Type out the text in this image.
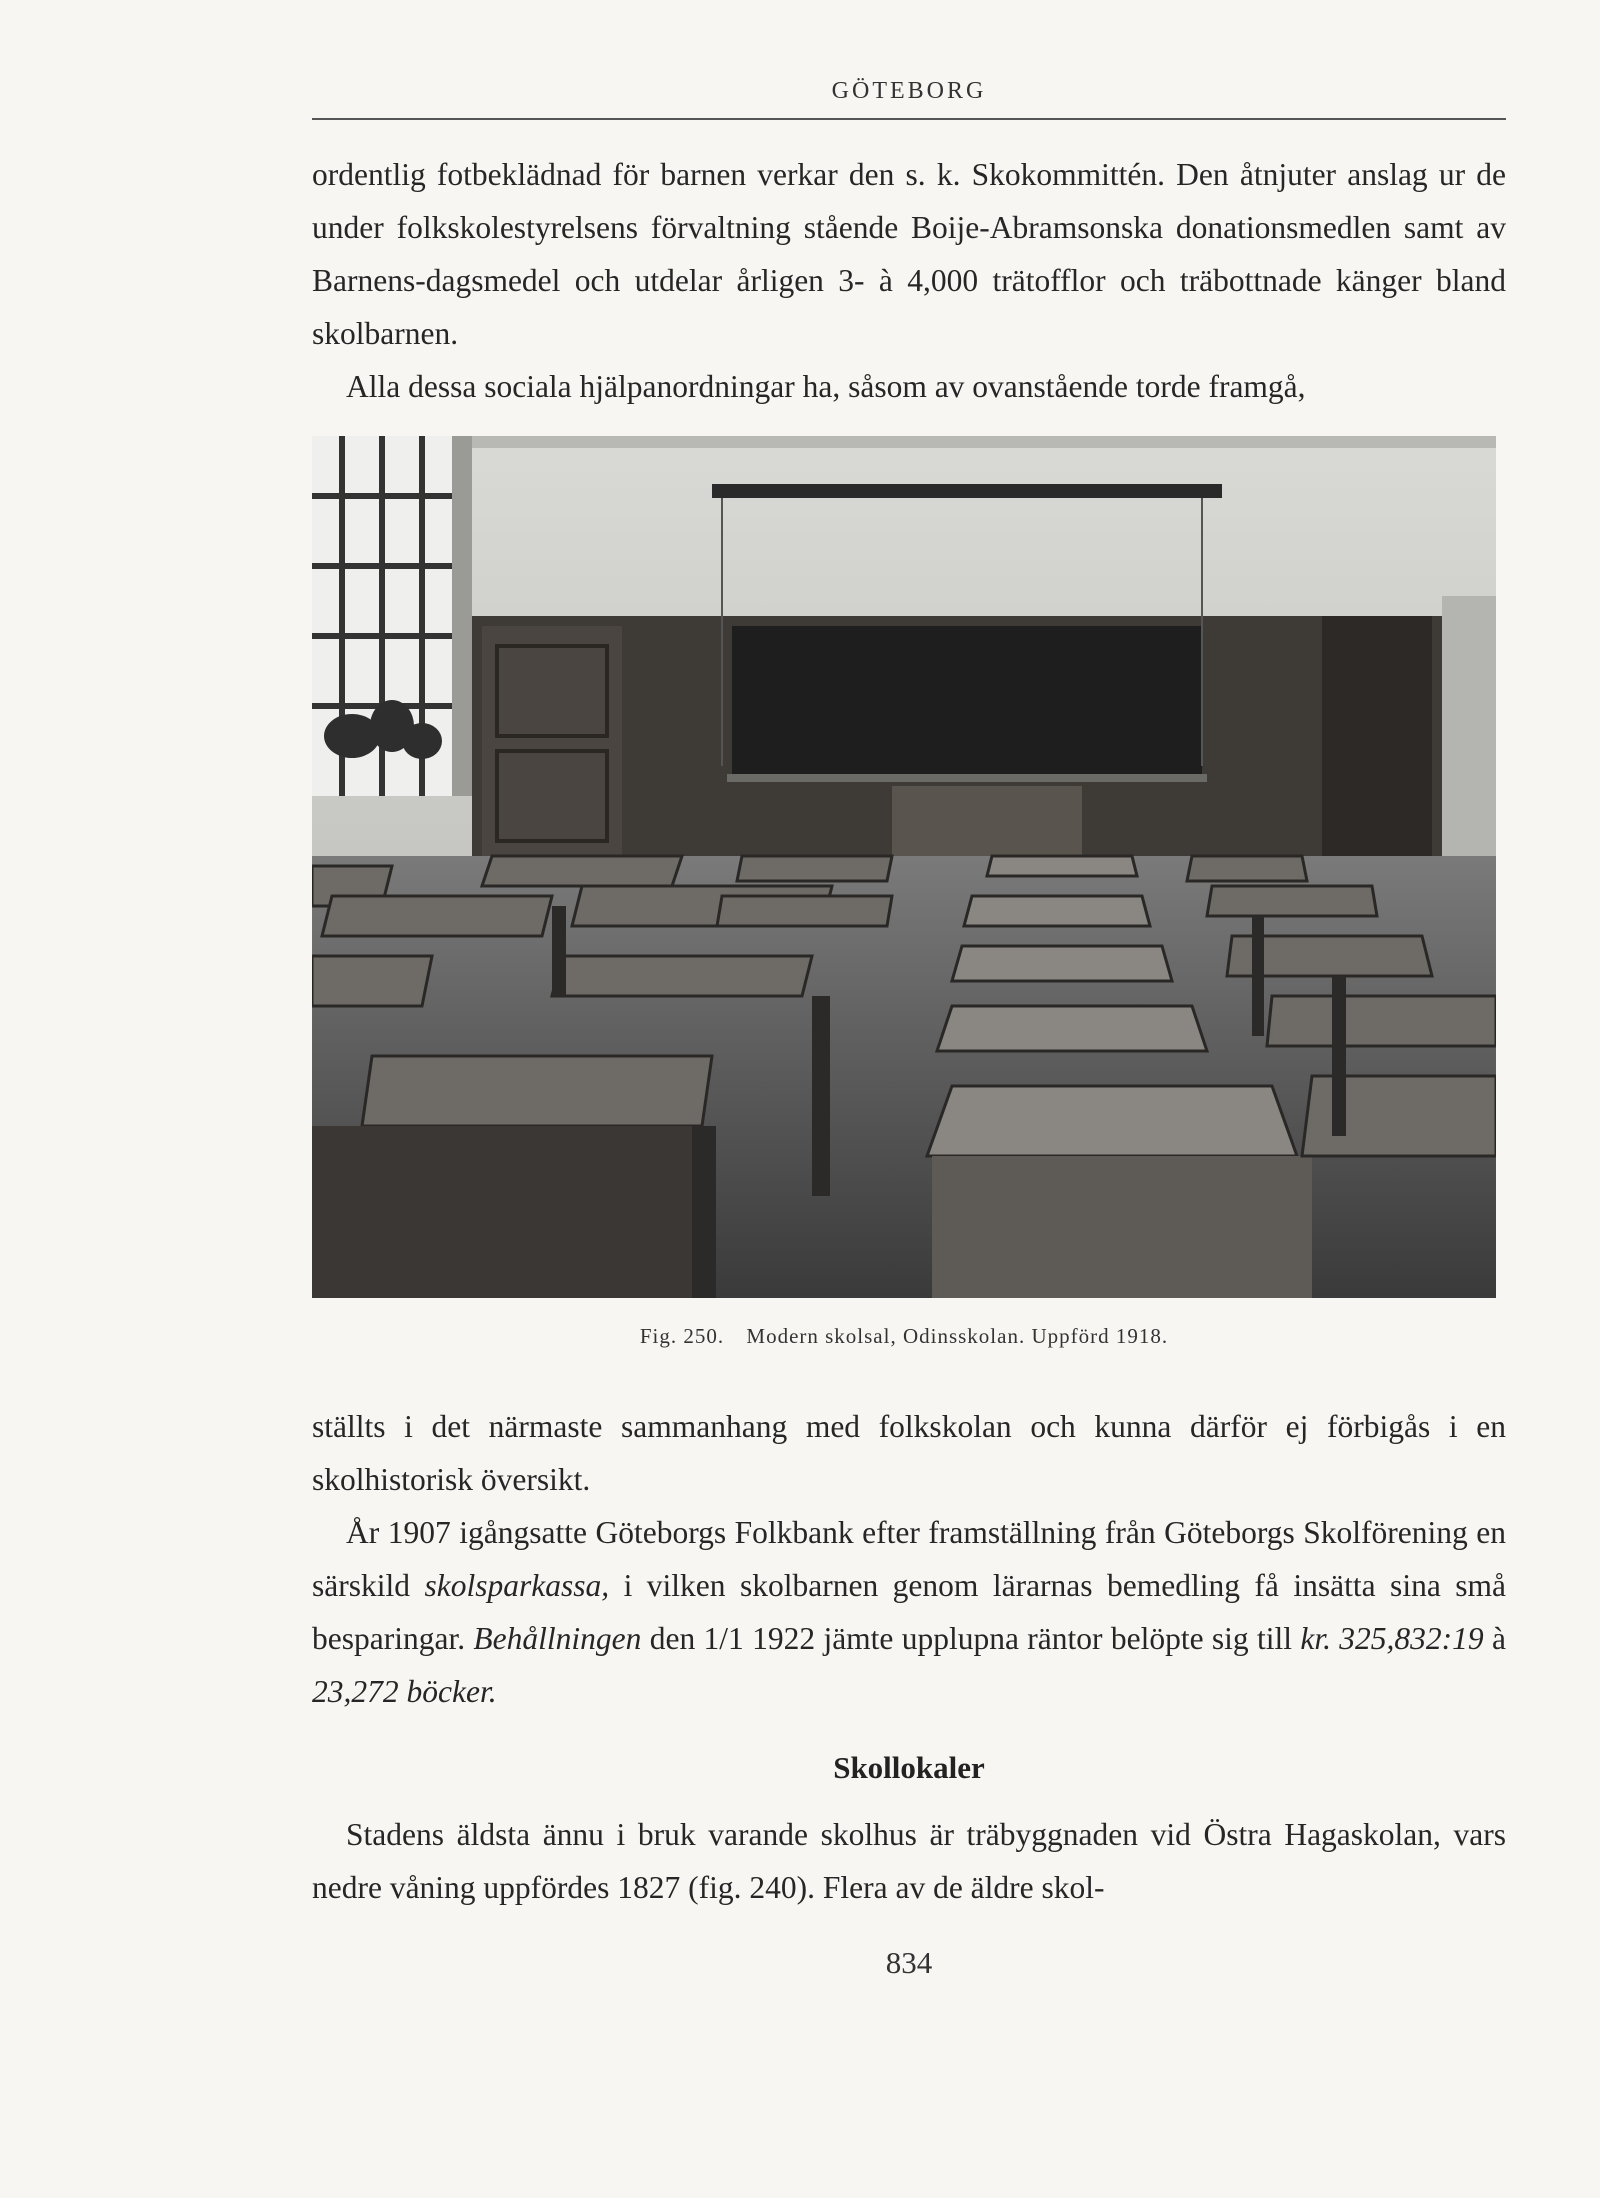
GÖTEBORG

ordentlig fotbeklädnad för barnen verkar den s. k. Skokommittén. Den åtnjuter anslag ur de under folkskolestyrelsens förvaltning stående Boije-Abramsonska donationsmedlen samt av Barnens-dagsmedel och utdelar årligen 3- à 4,000 trätofflor och träbottnade känger bland skolbarnen.

Alla dessa sociala hjälpanordningar ha, såsom av ovanstående torde framgå,

Fig. 250. Modern skolsal, Odinsskolan. Uppförd 1918.

ställts i det närmaste sammanhang med folkskolan och kunna därför ej förbigås i en skolhistorisk översikt.

År 1907 igångsatte Göteborgs Folkbank efter framställning från Göteborgs Skolförening en särskild skolsparkassa, i vilken skolbarnen genom lärarnas bemedling få insätta sina små besparingar. Behållningen den 1/1 1922 jämte upplupna räntor belöpte sig till kr. 325,832:19 à 23,272 böcker.

Skollokaler

Stadens äldsta ännu i bruk varande skolhus är träbyggnaden vid Östra Hagaskolan, vars nedre våning uppfördes 1827 (fig. 240). Flera av de äldre skol-

834
